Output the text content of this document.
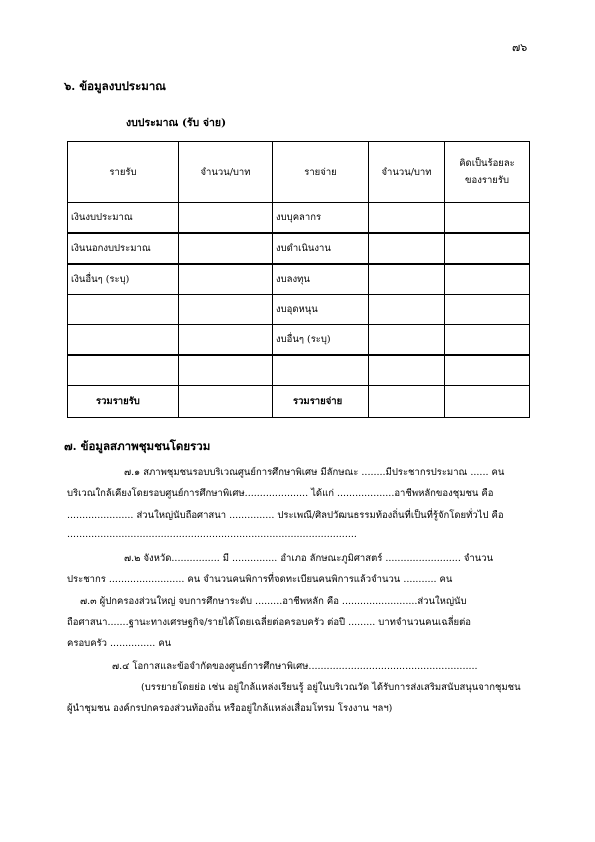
๗๖
๖. ข้อมูลงบประมาณ
งบประมาณ (รับ จ่าย)
รายรับ	จำนวน/บาท	รายจ่าย	จำนวน/บาท	คิดเป็นร้อยละ
ของรายรับ
เงินงบประมาณ		งบบุคลากร		
เงินนอกงบประมาณ		งบดำเนินงาน		
เงินอื่นๆ (ระบุ)		งบลงทุน		
		งบอุดหนุน		
		งบอื่นๆ (ระบุ)		

รวมรายรับ		รวมรายจ่าย		
๗. ข้อมูลสภาพชุมชนโดยรวม
๗.๑ สภาพชุมชนรอบบริเวณศูนย์การศึกษาพิเศษ มีลักษณะ ........มีประชากรประมาณ ...... คน
บริเวณใกล้เคียงโดยรอบศูนย์การศึกษาพิเศษ..................... ได้แก่ ...................อาชีพหลักของชุมชน คือ
...................... ส่วนใหญ่นับถือศาสนา ............... ประเพณี/ศิลปวัฒนธรรมท้องถิ่นที่เป็นที่รู้จักโดยทั่วไป คือ
................................................................................................
๗.๒ จังหวัด................ มี ............... อำเภอ ลักษณะภูมิศาสตร์ ......................... จำนวน
ประชากร ......................... คน จำนวนคนพิการที่จดทะเบียนคนพิการแล้วจำนวน ........... คน
๗.๓ ผู้ปกครองส่วนใหญ่ จบการศึกษาระดับ .........อาชีพหลัก คือ .........................ส่วนใหญ่นับ
ถือศาสนา.......ฐานะทางเศรษฐกิจ/รายได้โดยเฉลี่ยต่อครอบครัว ต่อปี ......... บาทจำนวนคนเฉลี่ยต่อ
ครอบครัว ............... คน
๗.๔ โอกาสและข้อจำกัดของศูนย์การศึกษาพิเศษ........................................................
(บรรยายโดยย่อ เช่น อยู่ใกล้แหล่งเรียนรู้ อยู่ในบริเวณวัด ได้รับการส่งเสริมสนับสนุนจากชุมชน
ผู้นำชุมชน องค์กรปกครองส่วนท้องถิ่น หรืออยู่ใกล้แหล่งเสื่อมโทรม โรงงาน ฯลฯ)
